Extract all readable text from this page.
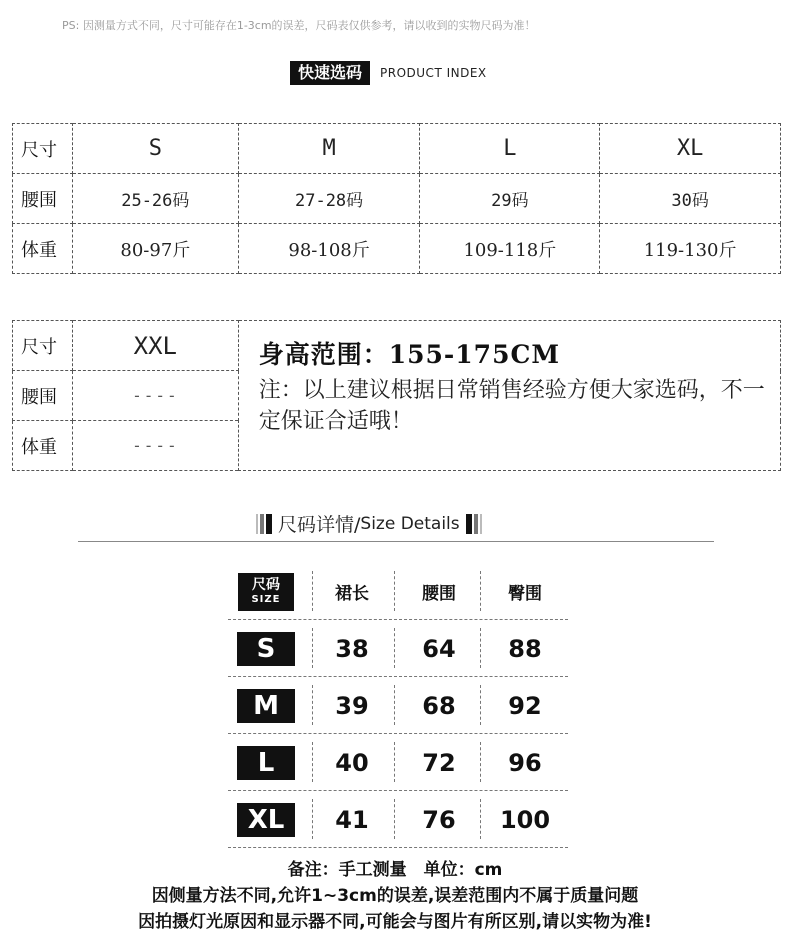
PS: 因测量方式不同，尺寸可能存在1-3cm的误差，尺码表仅供参考，请以收到的实物尺码为准！
快速选码	PRODUCT INDEX
尺寸	S	M	L	XL
腰围	25-26码	27-28码	29码	30码
体重	80-97斤	98-108斤	109-118斤	119-130斤
尺寸	XXL	身高范围：155-175CM
注：以上建议根据日常销售经验方便大家选码，不一定保证合适哦！

腰围	----	
体重	----	
尺码详情/ Size Details
尺码
SIZE	裙长	腰围	臀围
S	38 64 88
M	39 68 92
L	40 72 96
XL	41 76 100
备注：手工测量　单位：cm
因侧量方法不同,允许1~3cm的误差,误差范围内不属于质量问题
因拍摄灯光原因和显示器不同,可能会与图片有所区别,请以实物为准!
